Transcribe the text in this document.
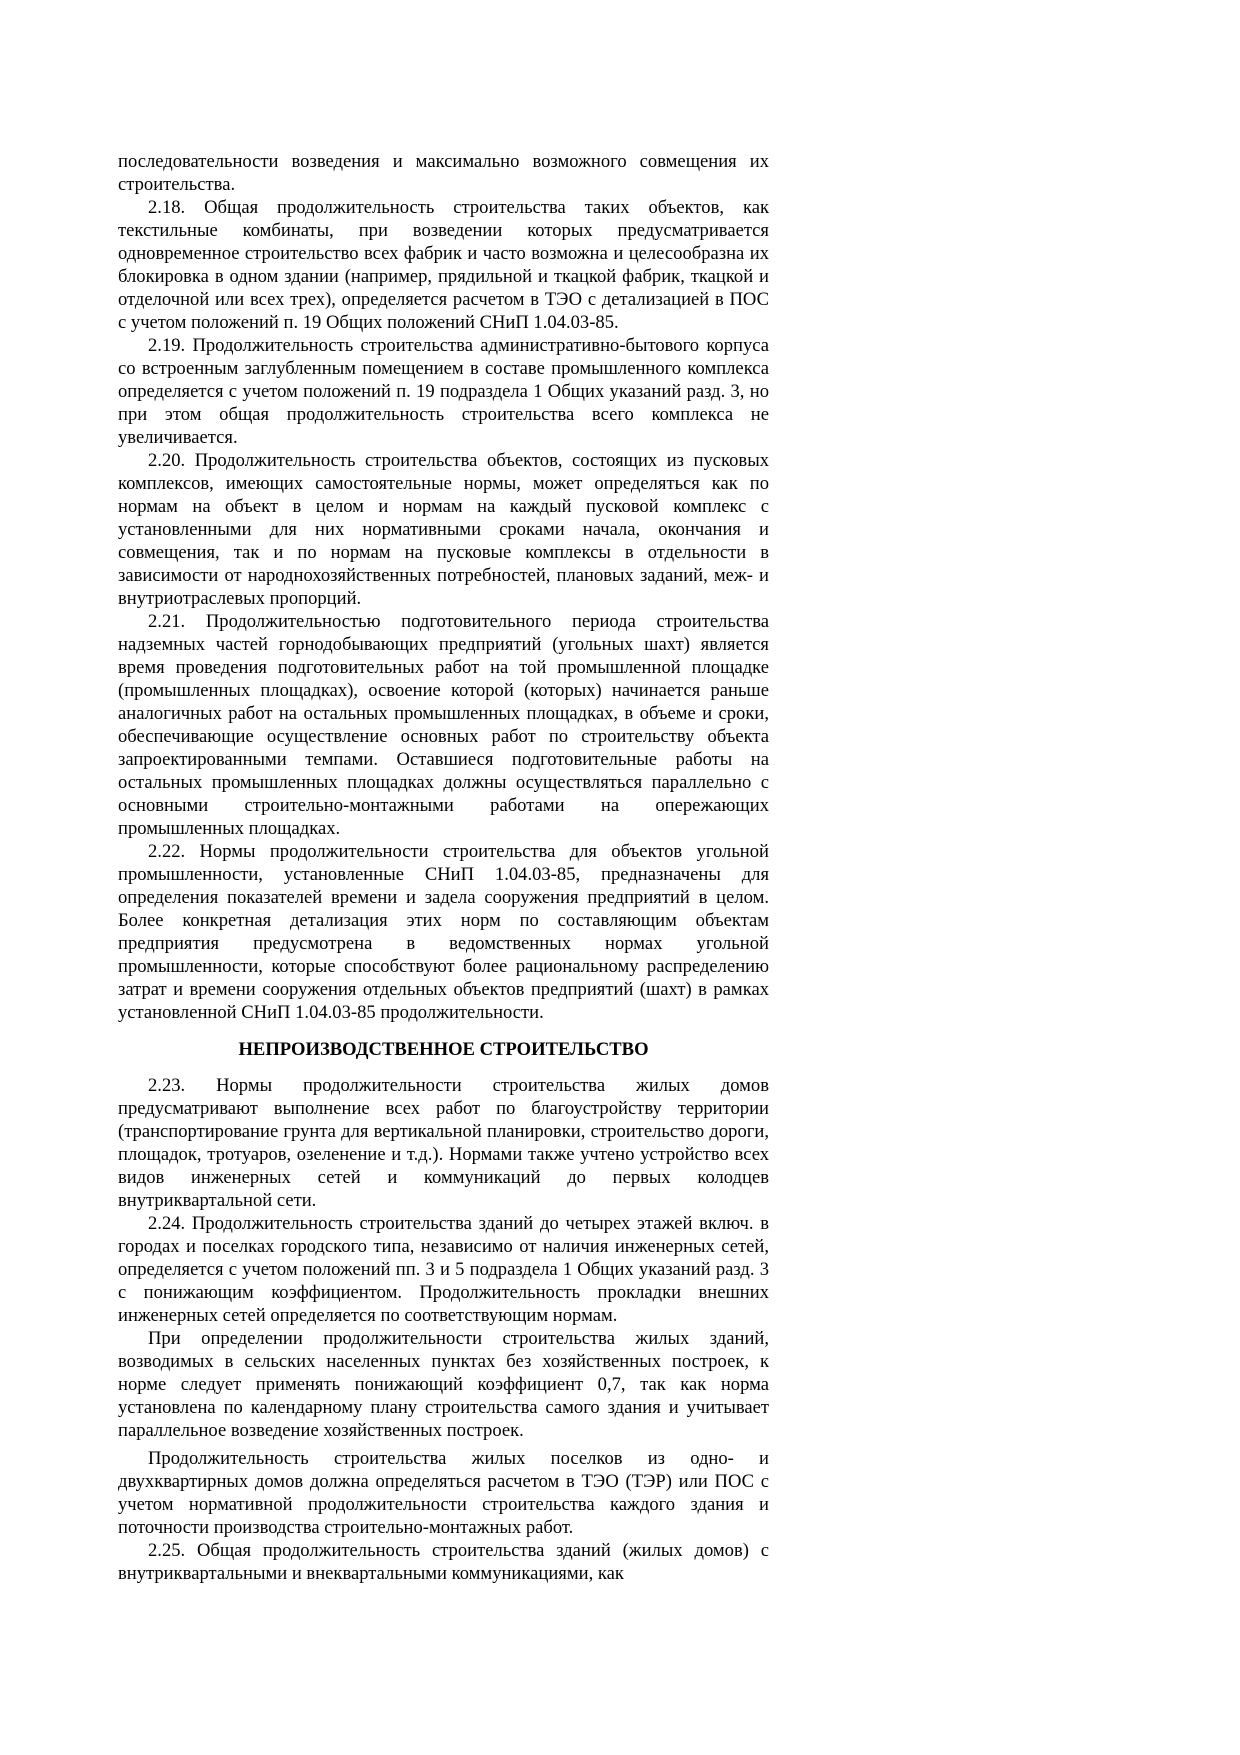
последовательности возведения и максимально возможного совмещения их строительства.

2.18. Общая продолжительность строительства таких объектов, как текстильные комбинаты, при возведении которых предусматривается одновременное строительство всех фабрик и часто возможна и целесообразна их блокировка в одном здании (например, прядильной и ткацкой фабрик, ткацкой и отделочной или всех трех), определяется расчетом в ТЭО с детализацией в ПОС с учетом положений п. 19 Общих положений СНиП 1.04.03-85.

2.19. Продолжительность строительства административно-бытового корпуса со встроенным заглубленным помещением в составе промышленного комплекса определяется с учетом положений п. 19 подраздела 1 Общих указаний разд. 3, но при этом общая продолжительность строительства всего комплекса не увеличивается.

2.20. Продолжительность строительства объектов, состоящих из пусковых комплексов, имеющих самостоятельные нормы, может определяться как по нормам на объект в целом и нормам на каждый пусковой комплекс с установленными для них нормативными сроками начала, окончания и совмещения, так и по нормам на пусковые комплексы в отдельности в зависимости от народнохозяйственных потребностей, плановых заданий, меж- и внутриотраслевых пропорций.

2.21. Продолжительностью подготовительного периода строительства надземных частей горнодобывающих предприятий (угольных шахт) является время проведения подготовительных работ на той промышленной площадке (промышленных площадках), освоение которой (которых) начинается раньше аналогичных работ на остальных промышленных площадках, в объеме и сроки, обеспечивающие осуществление основных работ по строительству объекта запроектированными темпами. Оставшиеся подготовительные работы на остальных промышленных площадках должны осуществляться параллельно с основными строительно-монтажными работами на опережающих промышленных площадках.

2.22. Нормы продолжительности строительства для объектов угольной промышленности, установленные СНиП 1.04.03-85, предназначены для определения показателей времени и задела сооружения предприятий в целом. Более конкретная детализация этих норм по составляющим объектам предприятия предусмотрена в ведомственных нормах угольной промышленности, которые способствуют более рациональному распределению затрат и времени сооружения отдельных объектов предприятий (шахт) в рамках установленной СНиП 1.04.03-85 продолжительности.

НЕПРОИЗВОДСТВЕННОЕ СТРОИТЕЛЬСТВО

2.23. Нормы продолжительности строительства жилых домов предусматривают выполнение всех работ по благоустройству территории (транспортирование грунта для вертикальной планировки, строительство дороги, площадок, тротуаров, озеленение и т.д.). Нормами также учтено устройство всех видов инженерных сетей и коммуникаций до первых колодцев внутриквартальной сети.

2.24. Продолжительность строительства зданий до четырех этажей включ. в городах и поселках городского типа, независимо от наличия инженерных сетей, определяется с учетом положений пп. 3 и 5 подраздела 1 Общих указаний разд. 3 с понижающим коэффициентом. Продолжительность прокладки внешних инженерных сетей определяется по соответствующим нормам.

При определении продолжительности строительства жилых зданий, возводимых в сельских населенных пунктах без хозяйственных построек, к норме следует применять понижающий коэффициент 0,7, так как норма установлена по календарному плану строительства самого здания и учитывает параллельное возведение хозяйственных построек.

Продолжительность строительства жилых поселков из одно- и двухквартирных домов должна определяться расчетом в ТЭО (ТЭР) или ПОС с учетом нормативной продолжительности строительства каждого здания и поточности производства строительно-монтажных работ.

2.25. Общая продолжительность строительства зданий (жилых домов) с внутриквартальными и внеквартальными коммуникациями, как
